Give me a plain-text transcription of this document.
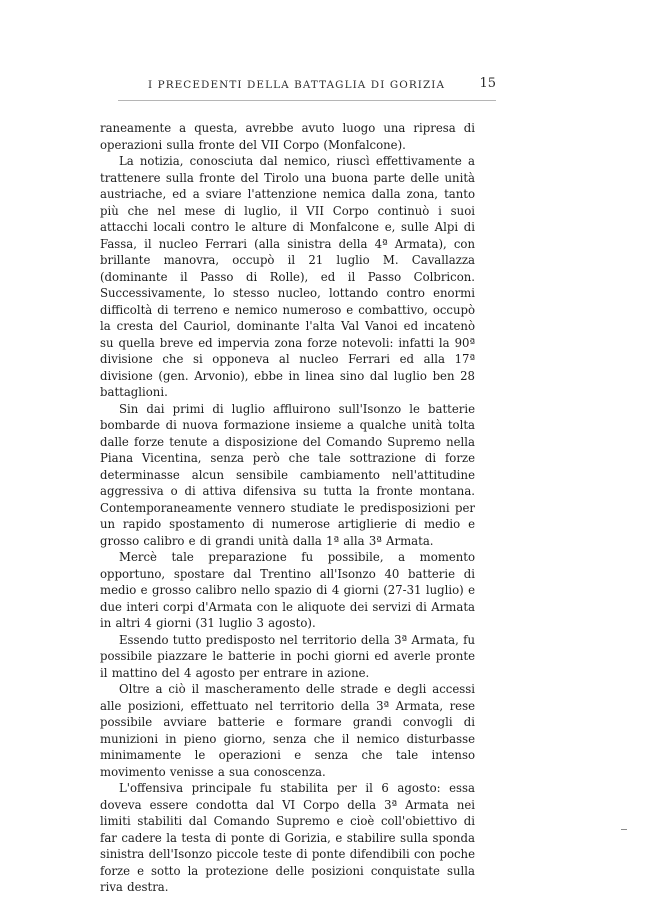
I PRECEDENTI DELLA BATTAGLIA DI GORIZIA	15

raneamente a questa, avrebbe avuto luogo una ripresa di operazioni sulla fronte del VII Corpo (Monfalcone).

La notizia, conosciuta dal nemico, riuscì effettivamente a trattenere sulla fronte del Tirolo una buona parte delle unità austriache, ed a sviare l'attenzione nemica dalla zona, tanto più che nel mese di luglio, il VII Corpo continuò i suoi attacchi locali contro le alture di Monfalcone e, sulle Alpi di Fassa, il nucleo Ferrari (alla sinistra della 4ª Armata), con brillante manovra, occupò il 21 luglio M. Cavallazza (dominante il Passo di Rolle), ed il Passo Colbricon. Successivamente, lo stesso nucleo, lottando contro enormi difficoltà di terreno e nemico numeroso e combattivo, occupò la cresta del Cauriol, dominante l'alta Val Vanoi ed incatenò su quella breve ed impervia zona forze notevoli: infatti la 90ª divisione che si opponeva al nucleo Ferrari ed alla 17ª divisione (gen. Arvonio), ebbe in linea sino dal luglio ben 28 battaglioni.

Sin dai primi di luglio affluirono sull'Isonzo le batterie bombarde di nuova formazione insieme a qualche unità tolta dalle forze tenute a disposizione del Comando Supremo nella Piana Vicentina, senza però che tale sottrazione di forze determinasse alcun sensibile cambiamento nell'attitudine aggressiva o di attiva difensiva su tutta la fronte montana. Contemporaneamente vennero studiate le predisposizioni per un rapido spostamento di numerose artiglierie di medio e grosso calibro e di grandi unità dalla 1ª alla 3ª Armata.

Mercè tale preparazione fu possibile, a momento opportuno, spostare dal Trentino all'Isonzo 40 batterie di medio e grosso calibro nello spazio di 4 giorni (27-31 luglio) e due interi corpi d'Armata con le aliquote dei servizi di Armata in altri 4 giorni (31 luglio 3 agosto).

Essendo tutto predisposto nel territorio della 3ª Armata, fu possibile piazzare le batterie in pochi giorni ed averle pronte il mattino del 4 agosto per entrare in azione.

Oltre a ciò il mascheramento delle strade e degli accessi alle posizioni, effettuato nel territorio della 3ª Armata, rese possibile avviare batterie e formare grandi convogli di munizioni in pieno giorno, senza che il nemico disturbasse minimamente le operazioni e senza che tale intenso movimento venisse a sua conoscenza.

L'offensiva principale fu stabilita per il 6 agosto: essa doveva essere condotta dal VI Corpo della 3ª Armata nei limiti stabiliti dal Comando Supremo e cioè coll'obiettivo di far cadere la testa di ponte di Gorizia, e stabilire sulla sponda sinistra dell'Isonzo piccole teste di ponte difendibili con poche forze e sotto la protezione delle posizioni conquistate sulla riva destra.
